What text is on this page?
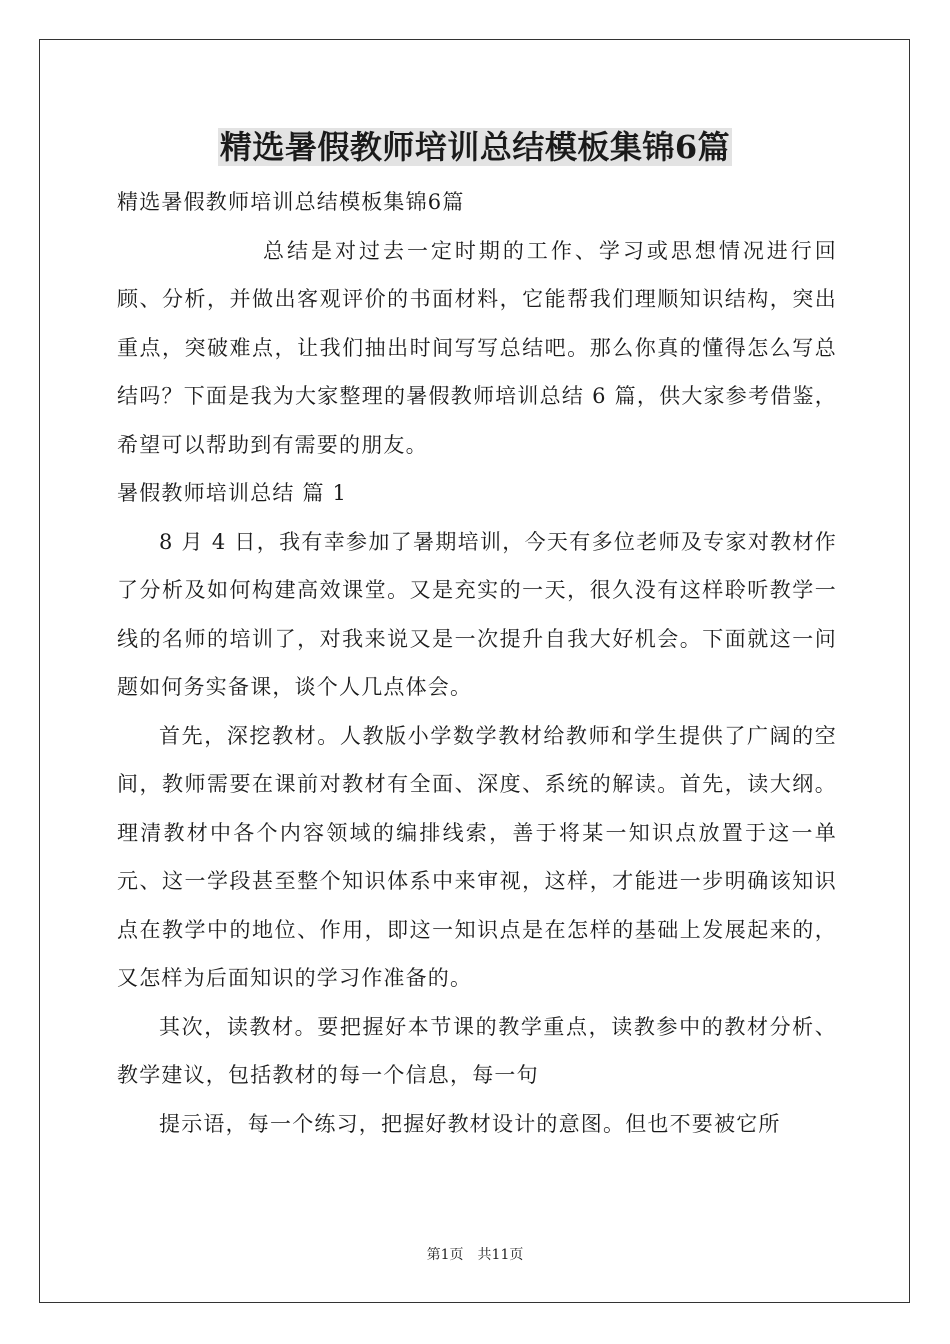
精选暑假教师培训总结模板集锦6篇

精选暑假教师培训总结模板集锦6篇

总结是对过去一定时期的工作、学习或思想情况进行回顾、分析，并做出客观评价的书面材料，它能帮我们理顺知识结构，突出重点，突破难点，让我们抽出时间写写总结吧。那么你真的懂得怎么写总结吗？下面是我为大家整理的暑假教师培训总结 6 篇，供大家参考借鉴，希望可以帮助到有需要的朋友。

暑假教师培训总结 篇 1

8 月 4 日，我有幸参加了暑期培训，今天有多位老师及专家对教材作了分析及如何构建高效课堂。又是充实的一天，很久没有这样聆听教学一线的名师的培训了，对我来说又是一次提升自我大好机会。下面就这一问题如何务实备课，谈个人几点体会。

首先，深挖教材。人教版小学数学教材给教师和学生提供了广阔的空间，教师需要在课前对教材有全面、深度、系统的解读。首先，读大纲。理清教材中各个内容领域的编排线索，善于将某一知识点放置于这一单元、这一学段甚至整个知识体系中来审视，这样，才能进一步明确该知识点在教学中的地位、作用，即这一知识点是在怎样的基础上发展起来的，又怎样为后面知识的学习作准备的。

其次，读教材。要把握好本节课的教学重点，读教参中的教材分析、教学建议，包括教材的每一个信息，每一句

提示语，每一个练习，把握好教材设计的意图。但也不要被它所

第1页 共11页
